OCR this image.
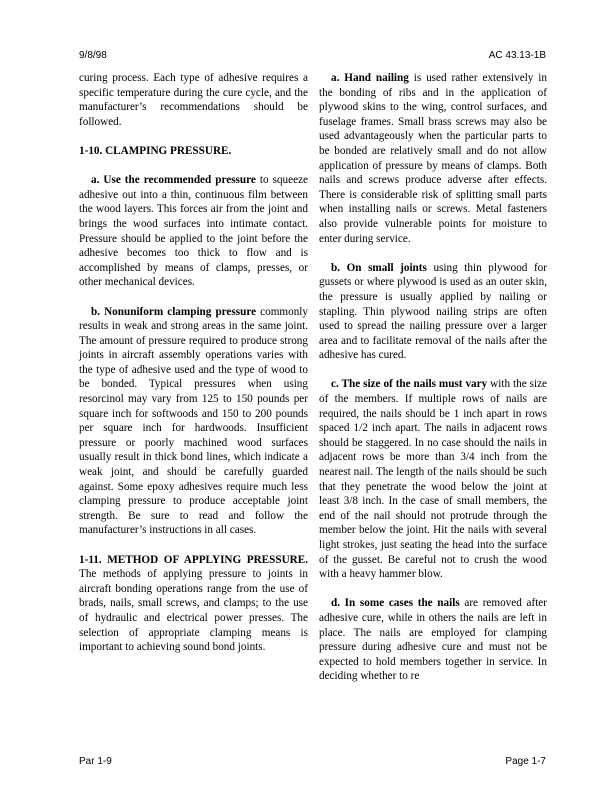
9/8/98	AC 43.13-1B

curing process. Each type of adhesive requires a specific temperature during the cure cycle, and the manufacturer’s recommendations should be followed.

1-10. CLAMPING PRESSURE.

a. Use the recommended pressure to squeeze adhesive out into a thin, continuous film between the wood layers. This forces air from the joint and brings the wood surfaces into intimate contact. Pressure should be applied to the joint before the adhesive becomes too thick to flow and is accomplished by means of clamps, presses, or other mechanical devices.

b. Nonuniform clamping pressure commonly results in weak and strong areas in the same joint. The amount of pressure required to produce strong joints in aircraft assembly operations varies with the type of adhesive used and the type of wood to be bonded. Typical pressures when using resorcinol may vary from 125 to 150 pounds per square inch for softwoods and 150 to 200 pounds per square inch for hardwoods. Insufficient pressure or poorly machined wood surfaces usually result in thick bond lines, which indicate a weak joint, and should be carefully guarded against. Some epoxy adhesives require much less clamping pressure to produce acceptable joint strength. Be sure to read and follow the manufacturer’s instructions in all cases.

1-11. METHOD OF APPLYING PRESSURE. The methods of applying pressure to joints in aircraft bonding operations range from the use of brads, nails, small screws, and clamps; to the use of hydraulic and electrical power presses. The selection of appropriate clamping means is important to achieving sound bond joints.

a. Hand nailing is used rather extensively in the bonding of ribs and in the application of plywood skins to the wing, control surfaces, and fuselage frames. Small brass screws may also be used advantageously when the particular parts to be bonded are relatively small and do not allow application of pressure by means of clamps. Both nails and screws produce adverse after effects. There is considerable risk of splitting small parts when installing nails or screws. Metal fasteners also provide vulnerable points for moisture to enter during service.

b. On small joints using thin plywood for gussets or where plywood is used as an outer skin, the pressure is usually applied by nailing or stapling. Thin plywood nailing strips are often used to spread the nailing pressure over a larger area and to facilitate removal of the nails after the adhesive has cured.

c. The size of the nails must vary with the size of the members. If multiple rows of nails are required, the nails should be 1 inch apart in rows spaced 1/2 inch apart. The nails in adjacent rows should be staggered. In no case should the nails in adjacent rows be more than 3/4 inch from the nearest nail. The length of the nails should be such that they penetrate the wood below the joint at least 3/8 inch. In the case of small members, the end of the nail should not protrude through the member below the joint. Hit the nails with several light strokes, just seating the head into the surface of the gusset. Be careful not to crush the wood with a heavy hammer blow.

d. In some cases the nails are removed after adhesive cure, while in others the nails are left in place. The nails are employed for clamping pressure during adhesive cure and must not be expected to hold members together in service. In deciding whether to re

Par 1-9	Page 1-7
